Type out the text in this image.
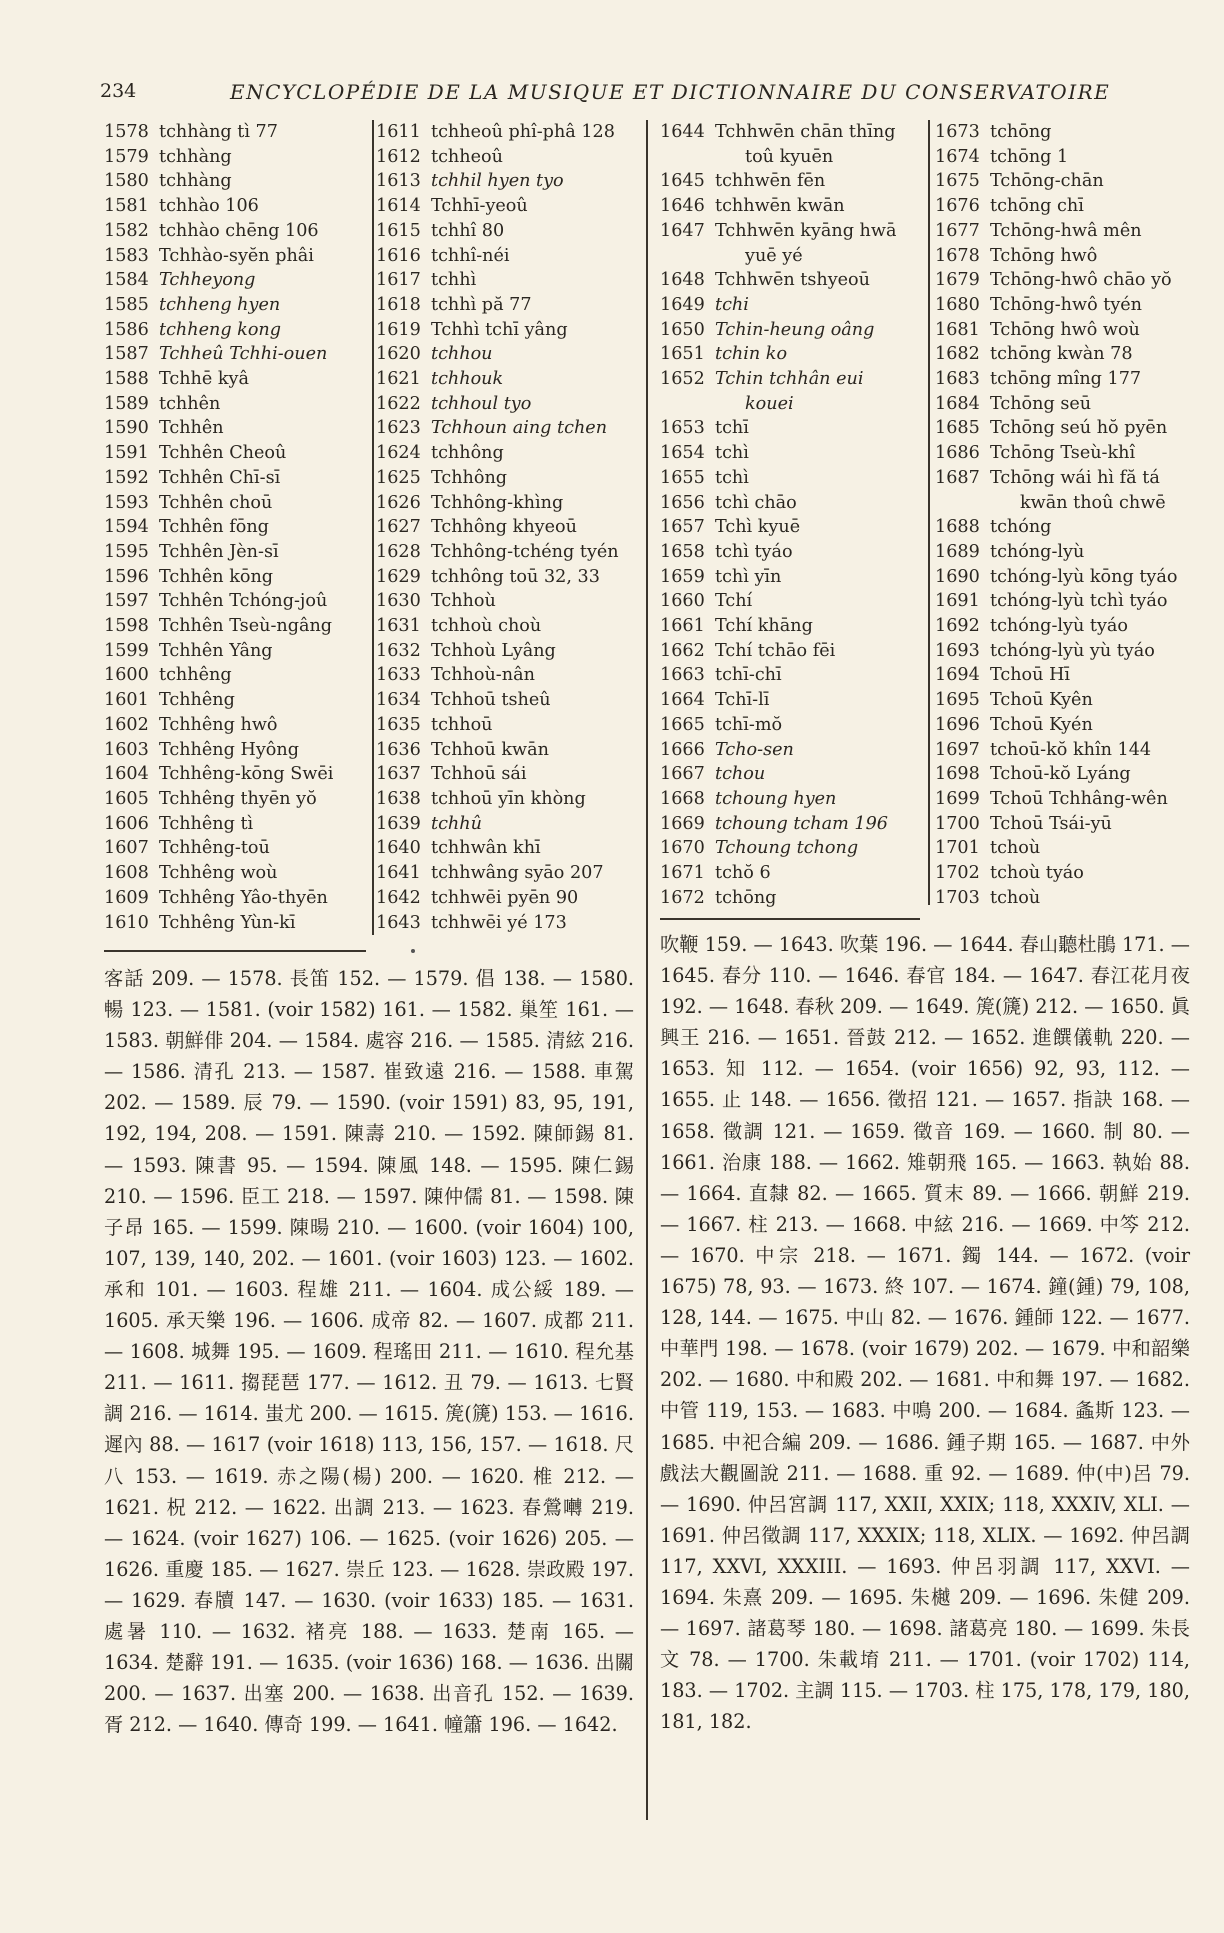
234	ENCYCLOPÉDIE DE LA MUSIQUE ET DICTIONNAIRE DU CONSERVATOIRE
1578 tchhàng tì 77
1579 tchhàng
1580 tchhàng
1581 tchhào 106
1582 tchhào chēng 106
1583 Tchhào-syĕn phâi
1584 Tchheyong
1585 tchheng hyen
1586 tchheng kong
1587 Tchheû Tchhi-ouen
1588 Tchhē kyâ
1589 tchhên
1590 Tchhên
1591 Tchhên Cheoû
1592 Tchhên Chī-sī
1593 Tchhên choū
1594 Tchhên fōng
1595 Tchhên Jèn-sī
1596 Tchhên kōng
1597 Tchhên Tchóng-joû
1598 Tchhên Tseù-ngâng
1599 Tchhên Yâng
1600 tchhêng
1601 Tchhêng
1602 Tchhêng hwô
1603 Tchhêng Hyông
1604 Tchhêng-kōng Swēi
1605 Tchhêng thyēn yŏ
1606 Tchhêng tì
1607 Tchhêng-toū
1608 Tchhêng woù
1609 Tchhêng Yâo-thyēn
1610 Tchhêng Yùn-kī
1611 tchheoû phî-phâ 128
1612 tchheoû
1613 tchhil hyen tyo
1614 Tchhī-yeoû
1615 tchhî 80
1616 tchhî-néi
1617 tchhì
1618 tchhì pă 77
1619 Tchhì tchī yâng
1620 tchhou
1621 tchhouk
1622 tchhoul tyo
1623 Tchhoun aing tchen
1624 tchhông
1625 Tchhông
1626 Tchhông-khìng
1627 Tchhông khyeoū
1628 Tchhông-tchéng tyén
1629 tchhông toū 32, 33
1630 Tchhoù
1631 tchhoù choù
1632 Tchhoù Lyâng
1633 Tchhoù-nân
1634 Tchhoū tsheû
1635 tchhoū
1636 Tchhoū kwān
1637 Tchhoū sái
1638 tchhoū yīn khòng
1639 tchhû
1640 tchhwân khī
1641 tchhwâng syāo 207
1642 tchhwēi pyēn 90
1643 tchhwēi yé 173
1644 Tchhwēn chān thīng
toû kyuēn
1645 tchhwēn fēn
1646 tchhwēn kwān
1647 Tchhwēn kyāng hwā
yuē yé
1648 Tchhwēn tshyeoū
1649 tchi
1650 Tchin-heung oâng
1651 tchin ko
1652 Tchin tchhân eui
kouei
1653 tchī
1654 tchì
1655 tchì
1656 tchì chāo
1657 Tchì kyuē
1658 tchì tyáo
1659 tchì yīn
1660 Tchí
1661 Tchí khāng
1662 Tchí tchāo fēi
1663 tchī-chī
1664 Tchī-lī
1665 tchī-mŏ
1666 Tcho-sen
1667 tchou
1668 tchoung hyen
1669 tchoung tcham 196
1670 Tchoung tchong
1671 tchŏ 6
1672 tchōng
1673 tchōng
1674 tchōng 1
1675 Tchōng-chān
1676 tchōng chī
1677 Tchōng-hwâ mên
1678 Tchōng hwô
1679 Tchōng-hwô chāo yŏ
1680 Tchōng-hwô tyén
1681 Tchōng hwô woù
1682 tchōng kwàn 78
1683 tchōng mîng 177
1684 Tchōng seū
1685 Tchōng seú hŏ pyēn
1686 Tchōng Tseù-khî
1687 Tchōng wái hì fă tá
kwān thoû chwē
1688 tchóng
1689 tchóng-lyù
1690 tchóng-lyù kōng tyáo
1691 tchóng-lyù tchì tyáo
1692 tchóng-lyù tyáo
1693 tchóng-lyù yù tyáo
1694 Tchoū Hī
1695 Tchoū Kyên
1696 Tchoū Kyén
1697 tchoū-kŏ khîn 144
1698 Tchoū-kŏ Lyáng
1699 Tchoū Tchhâng-wên
1700 Tchoū Tsái-yū
1701 tchoù
1702 tchoù tyáo
1703 tchoù
客話 209. — 1578. 長笛 152. — 1579. 倡 138. — 1580. 暢 123. — 1581. (voir 1582) 161. — 1582. 巢笙 161. — 1583. 朝鮮俳 204. — 1584. 處容 216. — 1585. 清絃 216. — 1586. 清孔 213. — 1587. 崔致遠 216. — 1588. 車駕 202. — 1589. 辰 79. — 1590. (voir 1591) 83, 95, 191, 192, 194, 208. — 1591. 陳壽 210. — 1592. 陳師錫 81. — 1593. 陳書 95. — 1594. 陳風 148. — 1595. 陳仁錫 210. — 1596. 臣工 218. — 1597. 陳仲儒 81. — 1598. 陳子昂 165. — 1599. 陳暘 210. — 1600. (voir 1604) 100, 107, 139, 140, 202. — 1601. (voir 1603) 123. — 1602. 承和 101. — 1603. 程雄 211. — 1604. 成公綏 189. — 1605. 承天樂 196. — 1606. 成帝 82. — 1607. 成都 211. — 1608. 城舞 195. — 1609. 程瑤田 211. — 1610. 程允基 211. — 1611. 搊琵琶 177. — 1612. 丑 79. — 1613. 七賢調 216. — 1614. 蚩尤 200. — 1615. 箎(篪) 153. — 1616. 遲內 88. — 1617 (voir 1618) 113, 156, 157. — 1618. 尺八 153. — 1619. 赤之陽(楊) 200. — 1620. 椎 212. — 1621. 柷 212. — 1622. 出調 213. — 1623. 春鶯囀 219. — 1624. (voir 1627) 106. — 1625. (voir 1626) 205. — 1626. 重慶 185. — 1627. 崇丘 123. — 1628. 崇政殿 197. — 1629. 春牘 147. — 1630. (voir 1633) 185. — 1631. 處暑 110. — 1632. 褚亮 188. — 1633. 楚南 165. — 1634. 楚辭 191. — 1635. (voir 1636) 168. — 1636. 出關 200. — 1637. 出塞 200. — 1638. 出音孔 152. — 1639. 胥 212. — 1640. 傳奇 199. — 1641. 幢簫 196. — 1642.
吹鞭 159. — 1643. 吹葉 196. — 1644. 春山聽杜鵑 171. — 1645. 春分 110. — 1646. 春官 184. — 1647. 春江花月夜 192. — 1648. 春秋 209. — 1649. 箎(篪) 212. — 1650. 眞興王 216. — 1651. 晉鼓 212. — 1652. 進饌儀軌 220. — 1653. 知 112. — 1654. (voir 1656) 92, 93, 112. — 1655. 止 148. — 1656. 徵招 121. — 1657. 指訣 168. — 1658. 徵調 121. — 1659. 徵音 169. — 1660. 制 80. — 1661. 治康 188. — 1662. 雉朝飛 165. — 1663. 執始 88. — 1664. 直隸 82. — 1665. 質末 89. — 1666. 朝鮮 219. — 1667. 柱 213. — 1668. 中絃 216. — 1669. 中笒 212. — 1670. 中宗 218. — 1671. 鐲 144. — 1672. (voir 1675) 78, 93. — 1673. 終 107. — 1674. 鐘(鍾) 79, 108, 128, 144. — 1675. 中山 82. — 1676. 鍾師 122. — 1677. 中華門 198. — 1678. (voir 1679) 202. — 1679. 中和韶樂 202. — 1680. 中和殿 202. — 1681. 中和舞 197. — 1682. 中管 119, 153. — 1683. 中鳴 200. — 1684. 螽斯 123. — 1685. 中祀合編 209. — 1686. 鍾子期 165. — 1687. 中外戲法大觀圖說 211. — 1688. 重 92. — 1689. 仲(中)呂 79. — 1690. 仲呂宮調 117, XXII, XXIX; 118, XXXIV, XLI. — 1691. 仲呂徵調 117, XXXIX; 118, XLIX. — 1692. 仲呂調 117, XXVI, XXXIII. — 1693. 仲呂羽調 117, XXVI. — 1694. 朱熹 209. — 1695. 朱樾 209. — 1696. 朱健 209. — 1697. 諸葛琴 180. — 1698. 諸葛亮 180. — 1699. 朱長文 78. — 1700. 朱載堉 211. — 1701. (voir 1702) 114, 183. — 1702. 主調 115. — 1703. 柱 175, 178, 179, 180, 181, 182.
